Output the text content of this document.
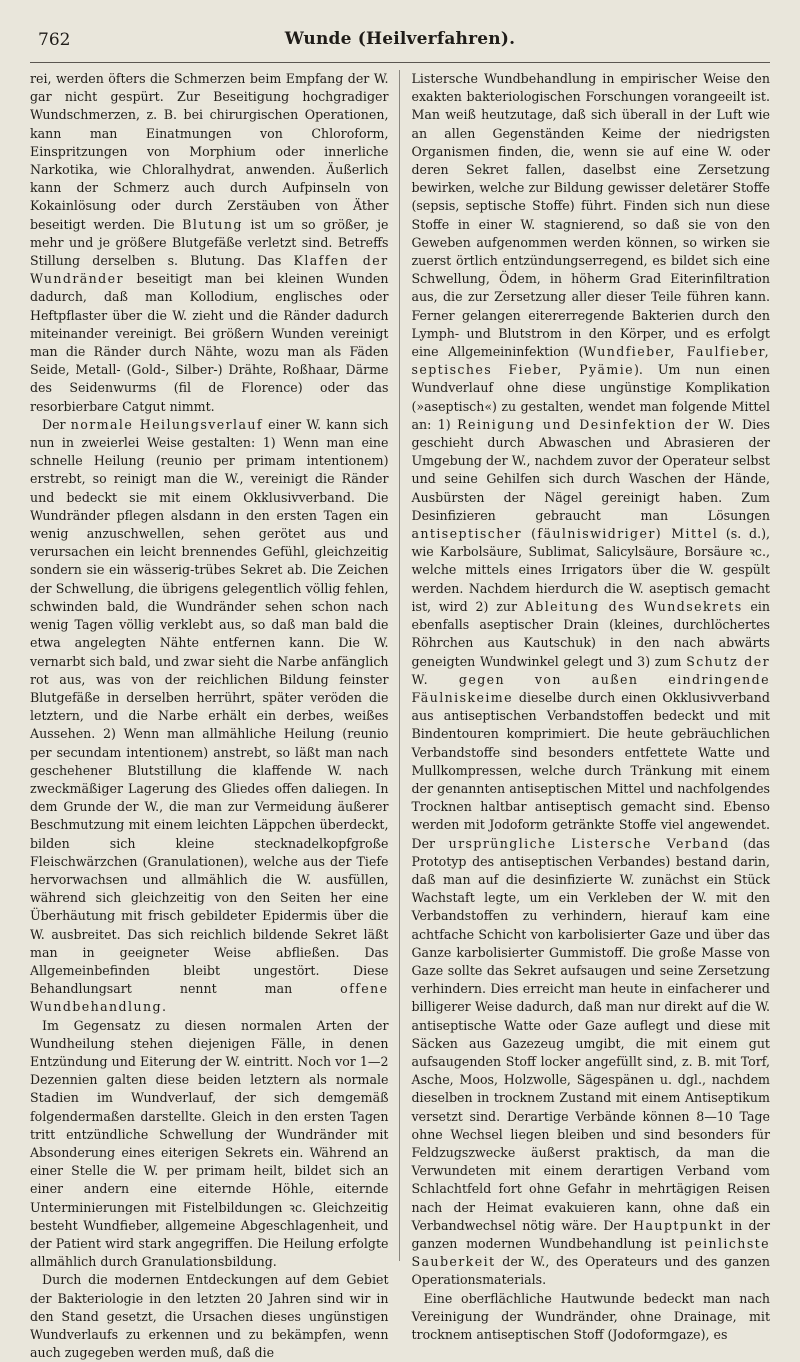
762	Wunde (Heilverfahren).

rei, werden öfters die Schmerzen beim Empfang der W. gar nicht gespürt. Zur Beseitigung hochgradiger Wundschmerzen, z. B. bei chirurgischen Operationen, kann man Einatmungen von Chloroform, Einspritzungen von Morphium oder innerliche Narkotika, wie Chloralhydrat, anwenden. Äußerlich kann der Schmerz auch durch Aufpinseln von Kokainlösung oder durch Zerstäuben von Äther beseitigt werden. Die Blutung ist um so größer, je mehr und je größere Blutgefäße verletzt sind. Betreffs Stillung derselben s. Blutung. Das Klaffen der Wundränder beseitigt man bei kleinen Wunden dadurch, daß man Kollodium, englisches oder Heftpflaster über die W. zieht und die Ränder dadurch miteinander vereinigt. Bei größern Wunden vereinigt man die Ränder durch Nähte, wozu man als Fäden Seide, Metall- (Gold-, Silber-) Drähte, Roßhaar, Därme des Seidenwurms (fil de Florence) oder das resorbierbare Catgut nimmt.

Der normale Heilungsverlauf einer W. kann sich nun in zweierlei Weise gestalten: 1) Wenn man eine schnelle Heilung (reunio per primam intentionem) erstrebt, so reinigt man die W., vereinigt die Ränder und bedeckt sie mit einem Okklusivverband. Die Wundränder pflegen alsdann in den ersten Tagen ein wenig anzuschwellen, sehen gerötet aus und verursachen ein leicht brennendes Gefühl, gleichzeitig sondern sie ein wässerig-trübes Sekret ab. Die Zeichen der Schwellung, die übrigens gelegentlich völlig fehlen, schwinden bald, die Wundränder sehen schon nach wenig Tagen völlig verklebt aus, so daß man bald die etwa angelegten Nähte entfernen kann. Die W. vernarbt sich bald, und zwar sieht die Narbe anfänglich rot aus, was von der reichlichen Bildung feinster Blutgefäße in derselben herrührt, später veröden die letztern, und die Narbe erhält ein derbes, weißes Aussehen. 2) Wenn man allmähliche Heilung (reunio per secundam intentionem) anstrebt, so läßt man nach geschehener Blutstillung die klaffende W. nach zweckmäßiger Lagerung des Gliedes offen daliegen. In dem Grunde der W., die man zur Vermeidung äußerer Beschmutzung mit einem leichten Läppchen überdeckt, bilden sich kleine stecknadelkopfgroße Fleischwärzchen (Granulationen), welche aus der Tiefe hervorwachsen und allmählich die W. ausfüllen, während sich gleichzeitig von den Seiten her eine Überhäutung mit frisch gebildeter Epidermis über die W. ausbreitet. Das sich reichlich bildende Sekret läßt man in geeigneter Weise abfließen. Das Allgemeinbefinden bleibt ungestört. Diese Behandlungsart nennt man offene Wundbehandlung.

Im Gegensatz zu diesen normalen Arten der Wundheilung stehen diejenigen Fälle, in denen Entzündung und Eiterung der W. eintritt. Noch vor 1—2 Dezennien galten diese beiden letztern als normale Stadien im Wundverlauf, der sich demgemäß folgendermaßen darstellte. Gleich in den ersten Tagen tritt entzündliche Schwellung der Wundränder mit Absonderung eines eiterigen Sekrets ein. Während an einer Stelle die W. per primam heilt, bildet sich an einer andern eine eiternde Höhle, eiternde Unterminierungen mit Fistelbildungen ꝛc. Gleichzeitig besteht Wundfieber, allgemeine Abgeschlagenheit, und der Patient wird stark angegriffen. Die Heilung erfolgte allmählich durch Granulationsbildung.

Durch die modernen Entdeckungen auf dem Gebiet der Bakteriologie in den letzten 20 Jahren sind wir in den Stand gesetzt, die Ursachen dieses ungünstigen Wundverlaufs zu erkennen und zu bekämpfen, wenn auch zugegeben werden muß, daß die

Listersche Wundbehandlung in empirischer Weise den exakten bakteriologischen Forschungen vorangeeilt ist. Man weiß heutzutage, daß sich überall in der Luft wie an allen Gegenständen Keime der niedrigsten Organismen finden, die, wenn sie auf eine W. oder deren Sekret fallen, daselbst eine Zersetzung bewirken, welche zur Bildung gewisser deletärer Stoffe (sepsis, septische Stoffe) führt. Finden sich nun diese Stoffe in einer W. stagnierend, so daß sie von den Geweben aufgenommen werden können, so wirken sie zuerst örtlich entzündungserregend, es bildet sich eine Schwellung, Ödem, in höherm Grad Eiterinfiltration aus, die zur Zersetzung aller dieser Teile führen kann. Ferner gelangen eitererregende Bakterien durch den Lymph- und Blutstrom in den Körper, und es erfolgt eine Allgemeininfektion (Wundfieber, Faulfieber, septisches Fieber, Pyämie). Um nun einen Wundverlauf ohne diese ungünstige Komplikation (»aseptisch«) zu gestalten, wendet man folgende Mittel an: 1) Reinigung und Desinfektion der W. Dies geschieht durch Abwaschen und Abrasieren der Umgebung der W., nachdem zuvor der Operateur selbst und seine Gehilfen sich durch Waschen der Hände, Ausbürsten der Nägel gereinigt haben. Zum Desinfizieren gebraucht man Lösungen antiseptischer (fäulniswidriger) Mittel (s. d.), wie Karbolsäure, Sublimat, Salicylsäure, Borsäure ꝛc., welche mittels eines Irrigators über die W. gespült werden. Nachdem hierdurch die W. aseptisch gemacht ist, wird 2) zur Ableitung des Wundsekrets ein ebenfalls aseptischer Drain (kleines, durchlöchertes Röhrchen aus Kautschuk) in den nach abwärts geneigten Wundwinkel gelegt und 3) zum Schutz der W. gegen von außen eindringende Fäulniskeime dieselbe durch einen Okklusivverband aus antiseptischen Verbandstoffen bedeckt und mit Bindentouren komprimiert. Die heute gebräuchlichen Verbandstoffe sind besonders entfettete Watte und Mullkompressen, welche durch Tränkung mit einem der genannten antiseptischen Mittel und nachfolgendes Trocknen haltbar antiseptisch gemacht sind. Ebenso werden mit Jodoform getränkte Stoffe viel angewendet. Der ursprüngliche Listersche Verband (das Prototyp des antiseptischen Verbandes) bestand darin, daß man auf die desinfizierte W. zunächst ein Stück Wachstaft legte, um ein Verkleben der W. mit den Verbandstoffen zu verhindern, hierauf kam eine achtfache Schicht von karbolisierter Gaze und über das Ganze karbolisierter Gummistoff. Die große Masse von Gaze sollte das Sekret aufsaugen und seine Zersetzung verhindern. Dies erreicht man heute in einfacherer und billigerer Weise dadurch, daß man nur direkt auf die W. antiseptische Watte oder Gaze auflegt und diese mit Säcken aus Gazezeug umgibt, die mit einem gut aufsaugenden Stoff locker angefüllt sind, z. B. mit Torf, Asche, Moos, Holzwolle, Sägespänen u. dgl., nachdem dieselben in trocknem Zustand mit einem Antiseptikum versetzt sind. Derartige Verbände können 8—10 Tage ohne Wechsel liegen bleiben und sind besonders für Feldzugszwecke äußerst praktisch, da man die Verwundeten mit einem derartigen Verband vom Schlachtfeld fort ohne Gefahr in mehrtägigen Reisen nach der Heimat evakuieren kann, ohne daß ein Verbandwechsel nötig wäre. Der Hauptpunkt in der ganzen modernen Wundbehandlung ist peinlichste Sauberkeit der W., des Operateurs und des ganzen Operationsmaterials.

Eine oberflächliche Hautwunde bedeckt man nach Vereinigung der Wundränder, ohne Drainage, mit trocknem antiseptischen Stoff (Jodoformgaze), es
